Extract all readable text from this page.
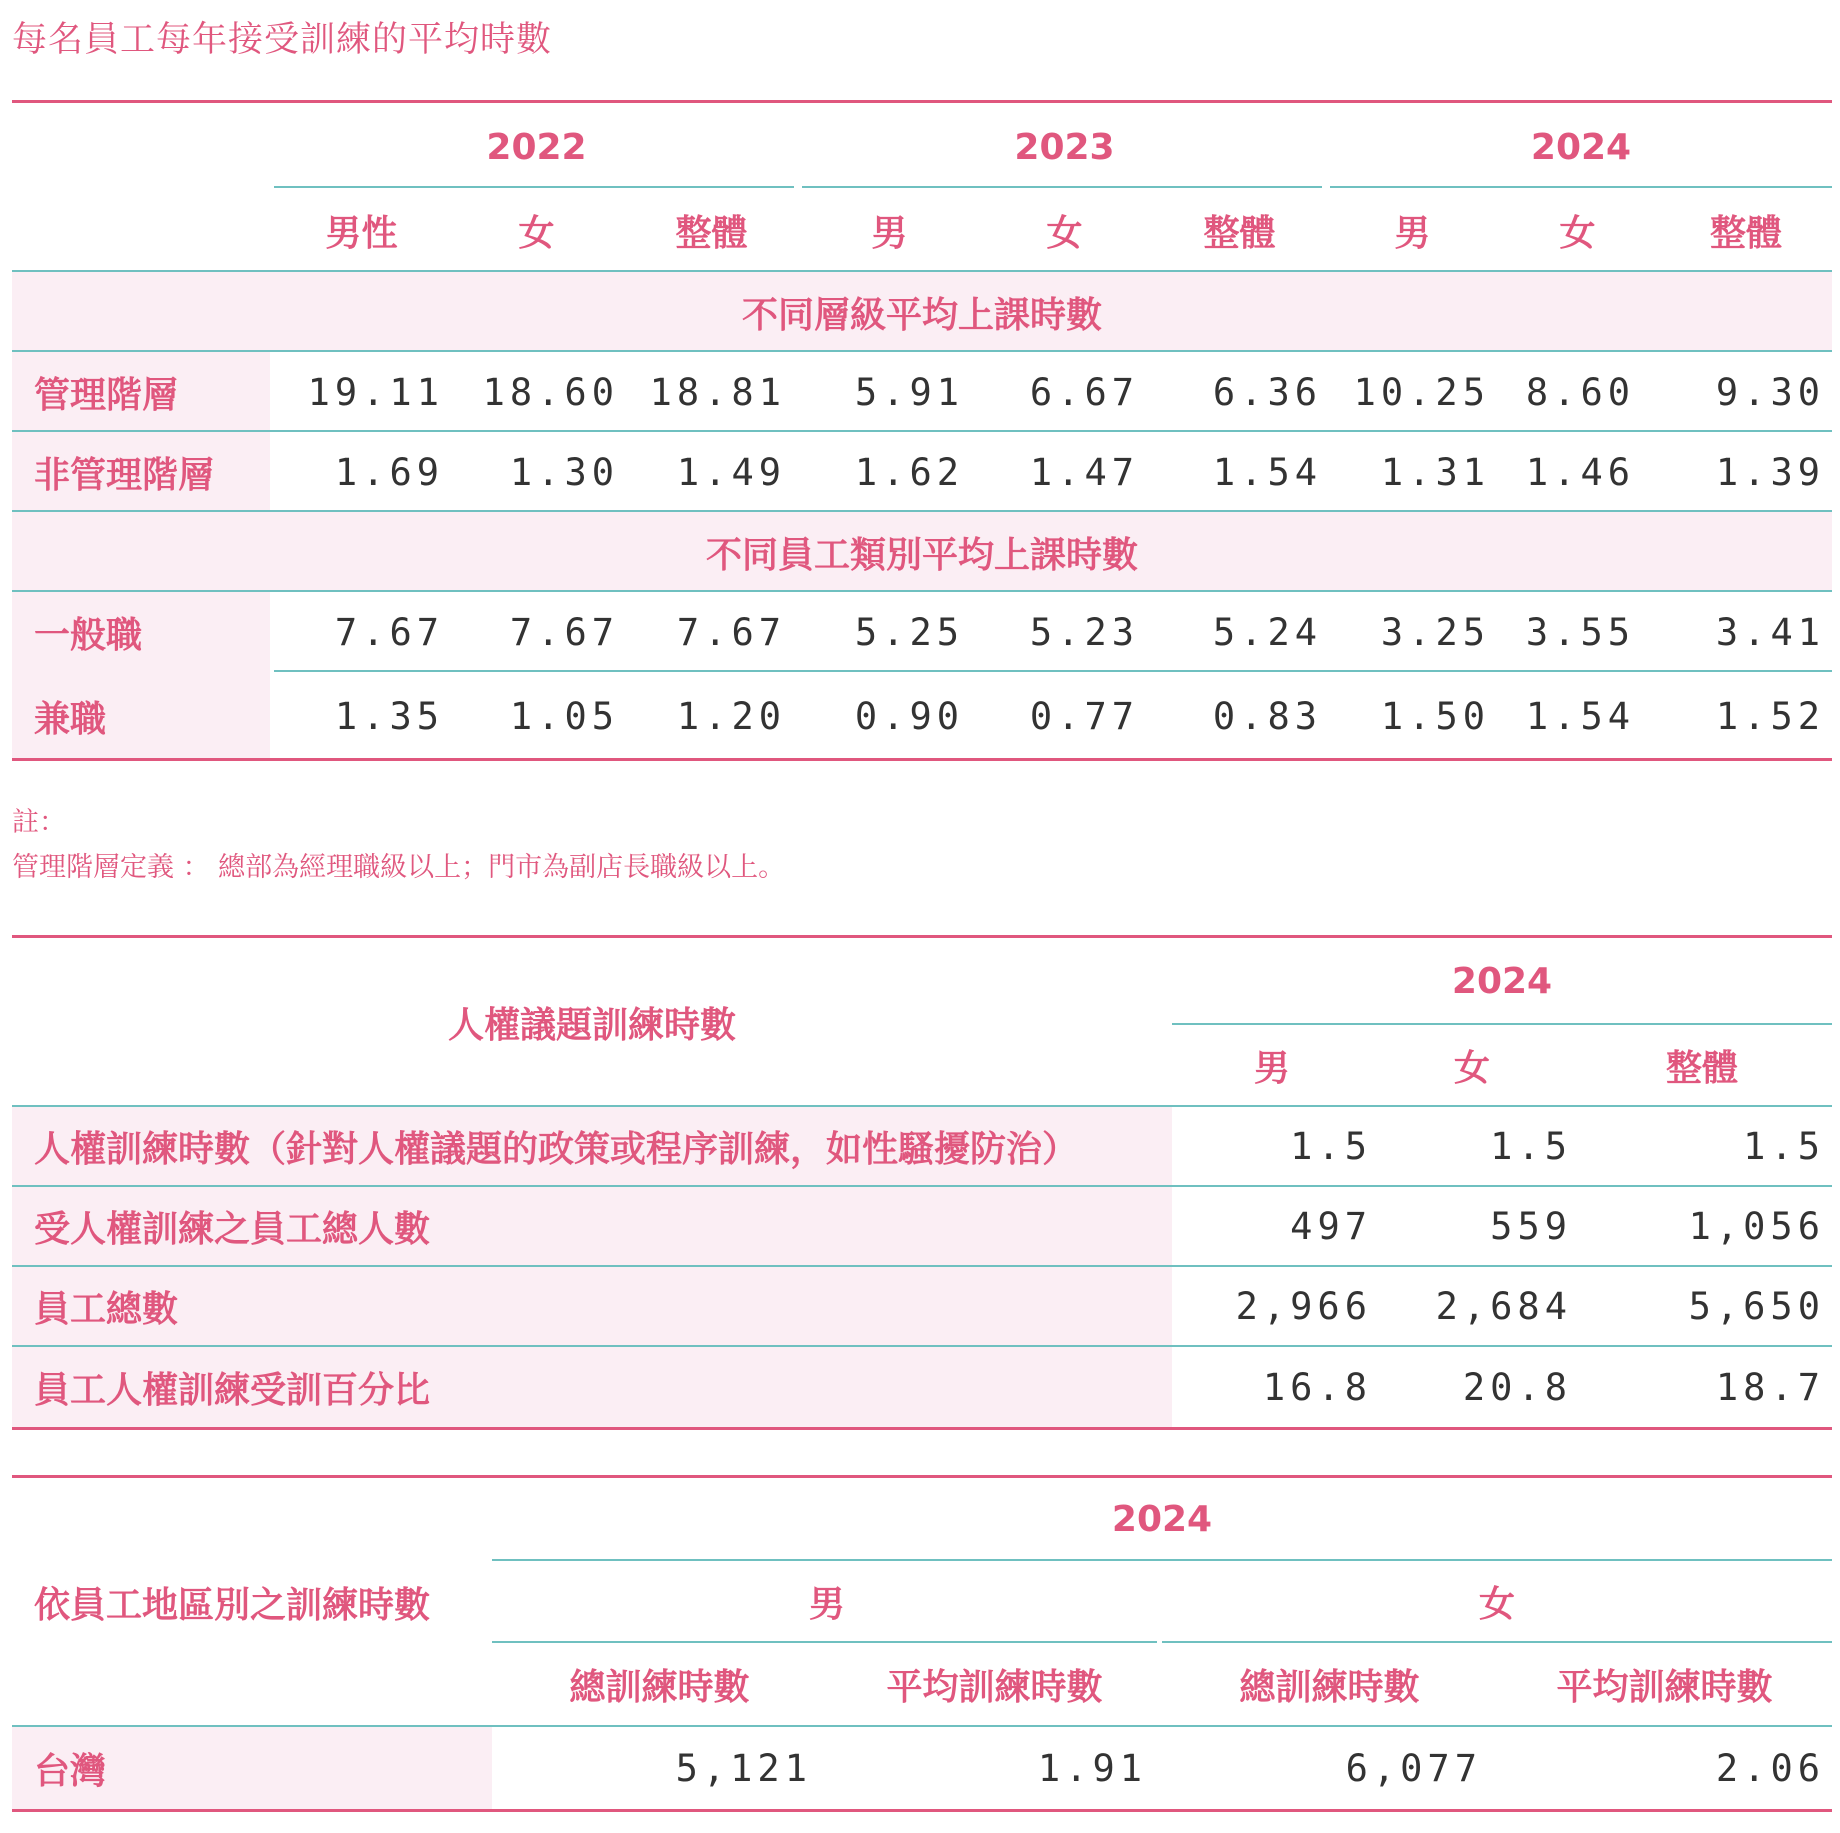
每名員工每年接受訓練的平均時數
2022	2023	2024
男性	女	整體	男	女	整體	男	女	整體
不同層級平均上課時數
管理階層	19.11	18.60 18.81	5.91	6.67	6.36 10.25 8.60	9.30
非管理階層	1.69	1.30	1.49	1.62	1.47	1.54	1.31 1.46	1.39
不同員工類別平均上課時數
一般職	7.67	7.67	7.67	5.25	5.23	5.24	3.25 3.55	3.41
兼職	1.35	1.05	1.20	0.90	0.77	0.83	1.50 1.54	1.52
註：
管理階層定義 ： 總部為經理職級以上；門市為副店長職級以上。
人權議題訓練時數
2024
男	女	整體
人權訓練時數（針對人權議題的政策或程序訓練，如性騷擾防治）	1.5	1.5	1.5
受人權訓練之員工總人數	497	559	1,056
員工總數	2,966	2,684	5,650
員工人權訓練受訓百分比	16.8	20.8	18.7
依員工地區別之訓練時數
2024
男	女
總訓練時數	平均訓練時數	總訓練時數	平均訓練時數
台灣	5,121	1.91	6,077	2.06
